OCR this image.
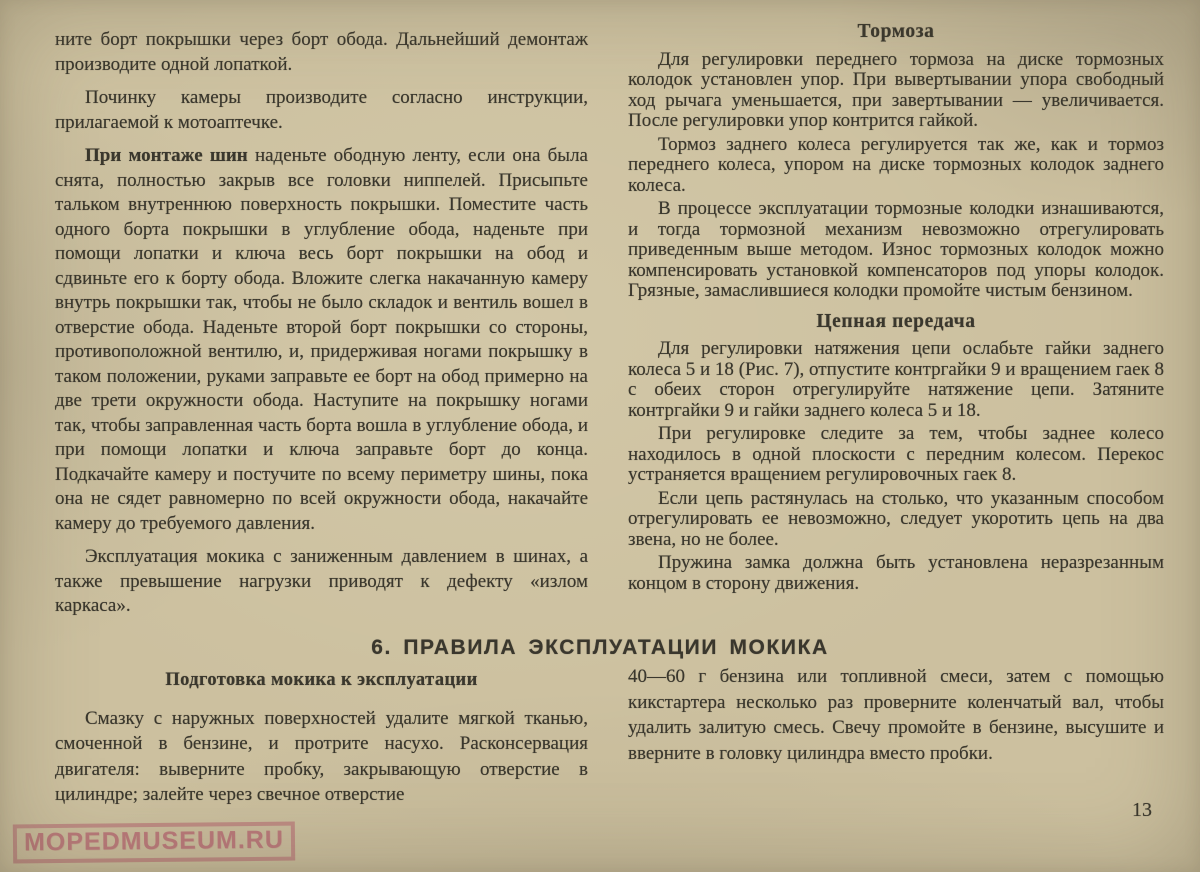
ните борт покрышки через борт обода. Дальнейший демонтаж производите одной лопаткой.

Починку камеры производите согласно инструкции, прилагаемой к мотоаптечке.

При монтаже шин наденьте ободную ленту, если она была снята, полностью закрыв все головки ниппелей. Присыпьте тальком внутреннюю поверхность покрышки. Поместите часть одного борта покрышки в углубление обода, наденьте при помощи лопатки и ключа весь борт покрышки на обод и сдвиньте его к борту обода. Вложите слегка накачанную камеру внутрь покрышки так, чтобы не было складок и вентиль вошел в отверстие обода. Наденьте второй борт покрышки со стороны, противоположной вентилю, и, придерживая ногами покрышку в таком положении, руками заправьте ее борт на обод примерно на две трети окружности обода. Наступите на покрышку ногами так, чтобы заправленная часть борта вошла в углубление обода, и при помощи лопатки и ключа заправьте борт до конца. Подкачайте камеру и постучите по всему периметру шины, пока она не сядет равномерно по всей окружности обода, накачайте камеру до требуемого давления.

Эксплуатация мокика с заниженным давлением в шинах, а также превышение нагрузки приводят к дефекту «излом каркаса».

Тормоза

Для регулировки переднего тормоза на диске тормозных колодок установлен упор. При вывертывании упора свободный ход рычага уменьшается, при завертывании — увеличивается. После регулировки упор контрится гайкой.

Тормоз заднего колеса регулируется так же, как и тормоз переднего колеса, упором на диске тормозных колодок заднего колеса.

В процессе эксплуатации тормозные колодки изнашиваются, и тогда тормозной механизм невозможно отрегулировать приведенным выше методом. Износ тормозных колодок можно компенсировать установкой компенсаторов под упоры колодок. Грязные, замаслившиеся колодки промойте чистым бензином.

Цепная передача

Для регулировки натяжения цепи ослабьте гайки заднего колеса 5 и 18 (Рис. 7), отпустите контргайки 9 и вращением гаек 8 с обеих сторон отрегулируйте натяжение цепи. Затяните контргайки 9 и гайки заднего колеса 5 и 18.

При регулировке следите за тем, чтобы заднее колесо находилось в одной плоскости с передним колесом. Перекос устраняется вращением регулировочных гаек 8.

Если цепь растянулась на столько, что указанным способом отрегулировать ее невозможно, следует укоротить цепь на два звена, но не более.

Пружина замка должна быть установлена неразрезанным концом в сторону движения.

6. ПРАВИЛА ЭКСПЛУАТАЦИИ МОКИКА
Подготовка мокика к эксплуатации

Смазку с наружных поверхностей удалите мягкой тканью, смоченной в бензине, и протрите насухо. Расконсервация двигателя: выверните пробку, закрывающую отверстие в цилиндре; залейте через свечное отверстие

40—60 г бензина или топливной смеси, затем с помощью кикстартера несколько раз проверните коленчатый вал, чтобы удалить залитую смесь. Свечу промойте в бензине, высушите и вверните в головку цилиндра вместо пробки.

MOPEDMUSEUM.RU
13
